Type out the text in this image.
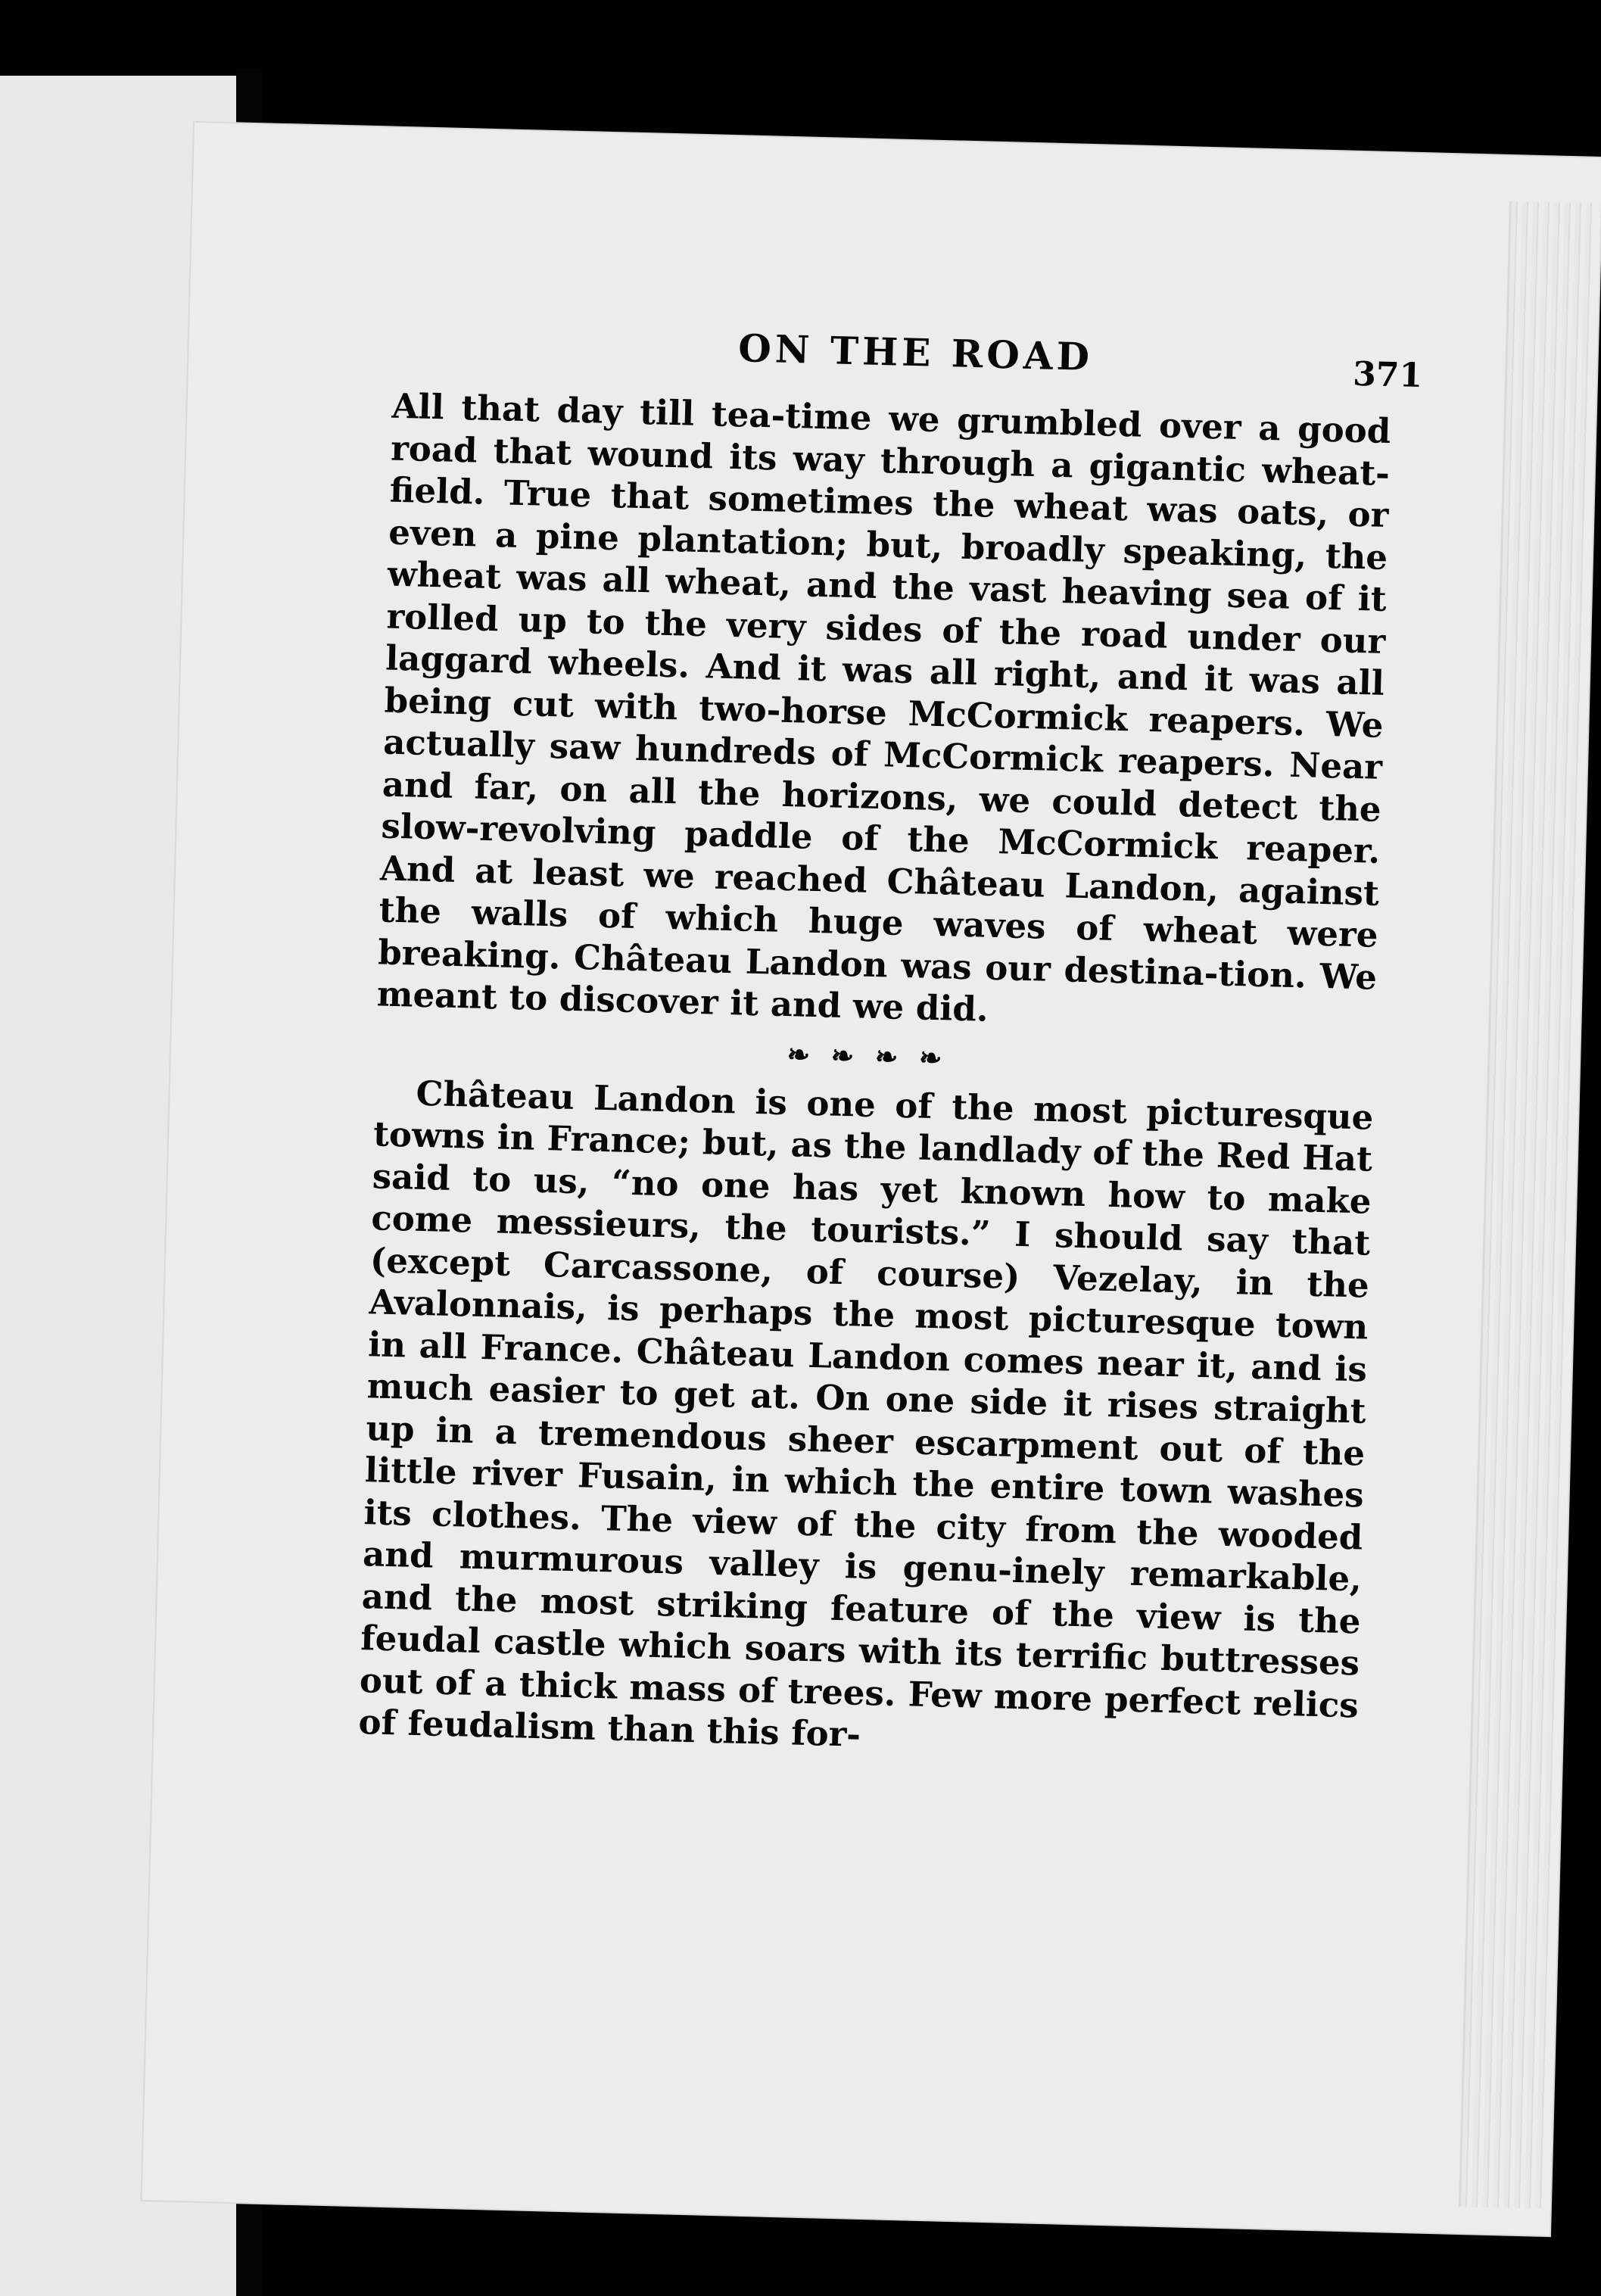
ON THE ROAD	371

All that day till tea-time we grumbled over a good road that wound its way through a gigantic wheat-field. True that sometimes the wheat was oats, or even a pine plantation; but, broadly speaking, the wheat was all wheat, and the vast heaving sea of it rolled up to the very sides of the road under our laggard wheels. And it was all right, and it was all being cut with two-horse McCormick reapers. We actually saw hundreds of McCormick reapers. Near and far, on all the horizons, we could detect the slow-revolving paddle of the McCormick reaper. And at least we reached Château Landon, against the walls of which huge waves of wheat were breaking. Château Landon was our destina-tion. We meant to discover it and we did.

❧❧❧❧

Château Landon is one of the most picturesque towns in France; but, as the landlady of the Red Hat said to us, “no one has yet known how to make come messieurs, the tourists.” I should say that (except Carcassone, of course) Vezelay, in the Avalonnais, is perhaps the most picturesque town in all France. Château Landon comes near it, and is much easier to get at. On one side it rises straight up in a tremendous sheer escarpment out of the little river Fusain, in which the entire town washes its clothes. The view of the city from the wooded and murmurous valley is genu-inely remarkable, and the most striking feature of the view is the feudal castle which soars with its terrific buttresses out of a thick mass of trees. Few more perfect relics of feudalism than this for-
